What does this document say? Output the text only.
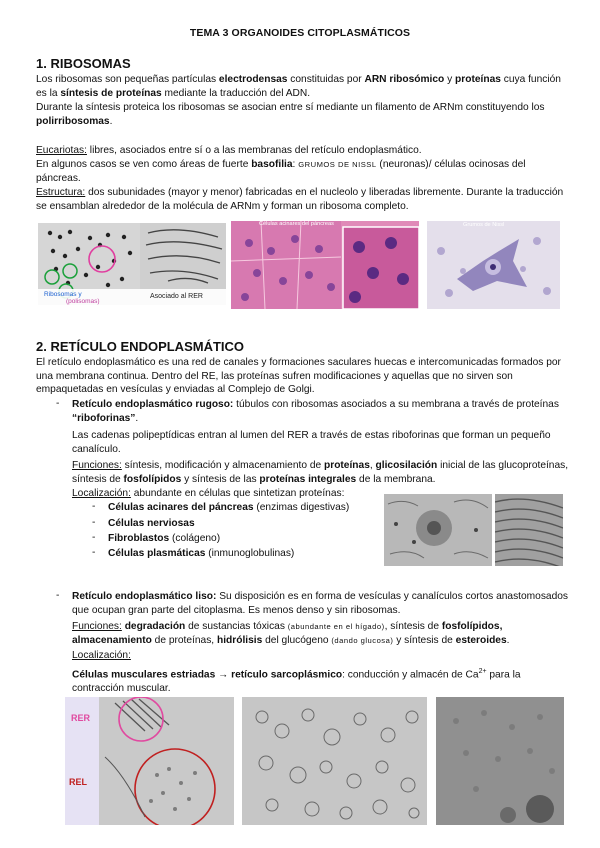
TEMA 3 ORGANOIDES CITOPLASMÁTICOS
1. RIBOSOMAS
Los ribosomas son pequeñas partículas electrodensas constituidas por ARN ribosómico y proteínas cuya función es la síntesis de proteínas mediante la traducción del ADN.
Durante la síntesis proteica los ribosomas se asocian entre sí mediante un filamento de ARNm constituyendo los polirribosomas.
Eucariotas: libres, asociados entre sí o a las membranas del retículo endoplasmático.
En algunos casos se ven como áreas de fuerte basofilia: GRUMOS DE NISSL (neuronas)/ células ocinosas del páncreas.
Estructura: dos subunidades (mayor y menor) fabricadas en el nucleolo y liberadas libremente. Durante la traducción se ensamblan alrededor de la molécula de ARNm y forman un ribosoma completo.
Ribosomas y
(polisomas)
Asociado al RER
Células acinares del páncreas	Grumos de Nissl
2. RETÍCULO ENDOPLASMÁTICO
El retículo endoplasmático es una red de canales y formaciones saculares huecas e intercomunicadas formados por una membrana continua. Dentro del RE, las proteínas sufren modificaciones y aquellas que no sirven son empaquetadas en vesículas y enviadas al Complejo de Golgi.
- Retículo endoplasmático rugoso: túbulos con ribosomas asociados a su membrana a través de proteínas “riboforinas”.
Las cadenas polipeptídicas entran al lumen del RER a través de estas riboforinas que forman un pequeño canalículo.
Funciones: síntesis, modificación y almacenamiento de proteínas, glicosilación inicial de las glucoproteínas, síntesis de fosfolípidos y síntesis de las proteínas integrales de la membrana.
Localización: abundante en células que sintetizan proteínas:
- Células acinares del páncreas (enzimas digestivas)
- Células nerviosas
- Fibroblastos (colágeno)
- Células plasmáticas (inmunoglobulinas)
- Retículo endoplasmático liso: Su disposición es en forma de vesículas y canalículos cortos anastomosados que ocupan gran parte del citoplasma. Es menos denso y sin ribosomas.
Funciones: degradación de sustancias tóxicas (abundante en el hígado), síntesis de fosfolípidos, almacenamiento de proteínas, hidrólisis del glucógeno (dando glucosa) y síntesis de esteroides.
Localización:
Células musculares estriadas → retículo sarcoplásmico: conducción y almacén de $Ca^{2+}$ para la contracción muscular.
RER
REL
